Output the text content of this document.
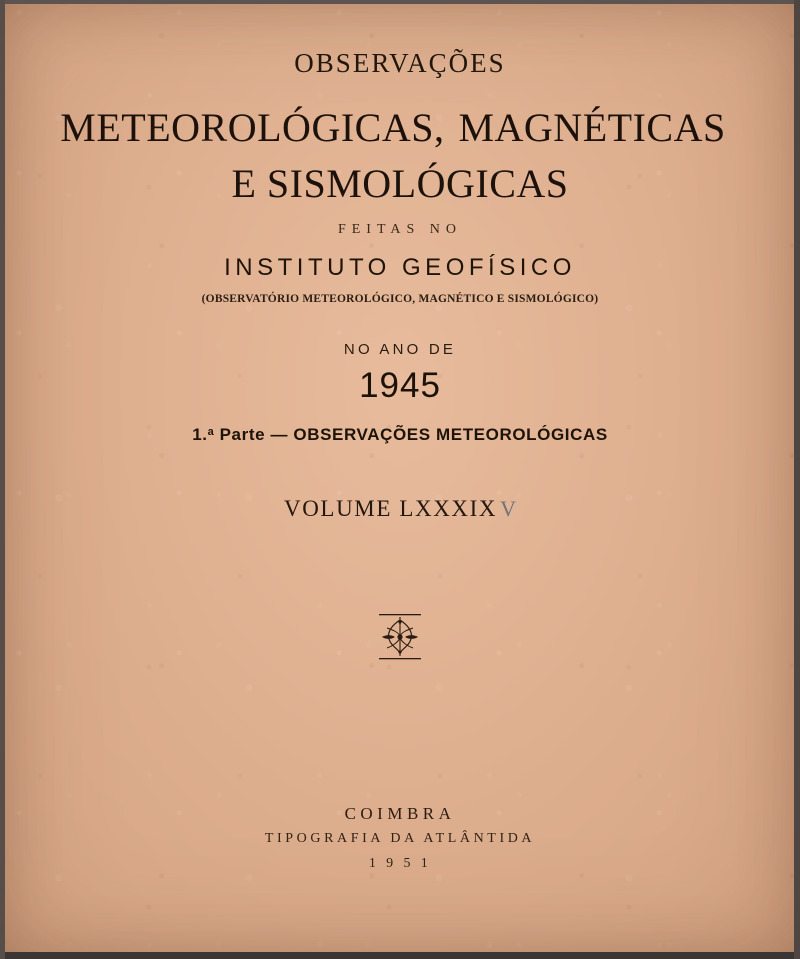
OBSERVAÇÕES
METEOROLÓGICAS, MAGNÉTICAS
E SISMOLÓGICAS
FEITAS NO
INSTITUTO GEOFÍSICO
(OBSERVATÓRIO METEOROLÓGICO, MAGNÉTICO E SISMOLÓGICO)
NO ANO DE
1945
1.$^a$ Parte — OBSERVAÇÕES METEOROLÓGICAS
VOLUME LXXXIX V
COIMBRA
TIPOGRAFIA DA ATLÂNTIDA
1 9 5 1
